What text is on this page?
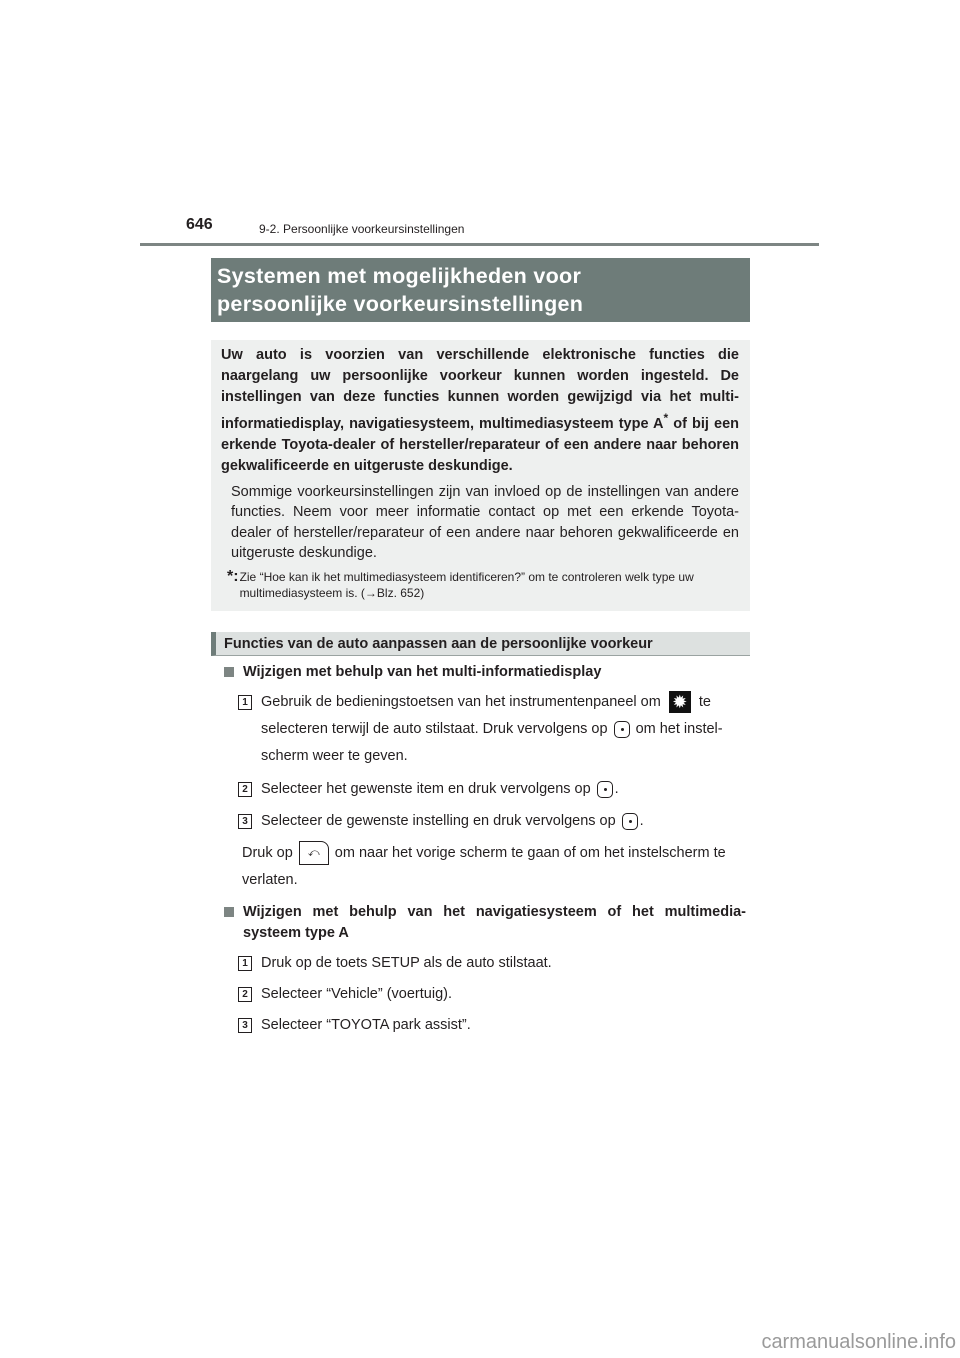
646	9-2. Persoonlijke voorkeursinstellingen
Systemen met mogelijkheden voor
persoonlijke voorkeursinstellingen
Uw auto is voorzien van verschillende elektronische functies die naargelang uw persoonlijke voorkeur kunnen worden ingesteld. De instellingen van deze functies kunnen worden gewijzigd via het multi-informatiedisplay, navigatiesysteem, multimediasysteem type A* of bij een erkende Toyota-dealer of hersteller/reparateur of een andere naar behoren gekwalificeerde en uitgeruste deskundige.
Sommige voorkeursinstellingen zijn van invloed op de instellingen van andere functies. Neem voor meer informatie contact op met een erkende Toyota-dealer of hersteller/reparateur of een andere naar behoren gekwalificeerde en uitgeruste deskundige.
*: Zie “Hoe kan ik het multimediasysteem identificeren?” om te controleren welk type uw multimediasysteem is. (→Blz. 652)
Functies van de auto aanpassen aan de persoonlijke voorkeur
Wijzigen met behulp van het multi-informatiedisplay
1 Gebruik de bedieningstoetsen van het instrumentenpaneel om ✹ te
selecteren terwijl de auto stilstaat. Druk vervolgens op om het instel-
scherm weer te geven.
2 Selecteer het gewenste item en druk vervolgens op .
3 Selecteer de gewenste instelling en druk vervolgens op .
Druk op ⤺ om naar het vorige scherm te gaan of om het instelscherm te
verlaten.
Wijzigen met behulp van het navigatiesysteem of het multimedia-systeem type A
1 Druk op de toets SETUP als de auto stilstaat.
2 Selecteer “Vehicle” (voertuig).
3 Selecteer “TOYOTA park assist”.
carmanualsonline.info
